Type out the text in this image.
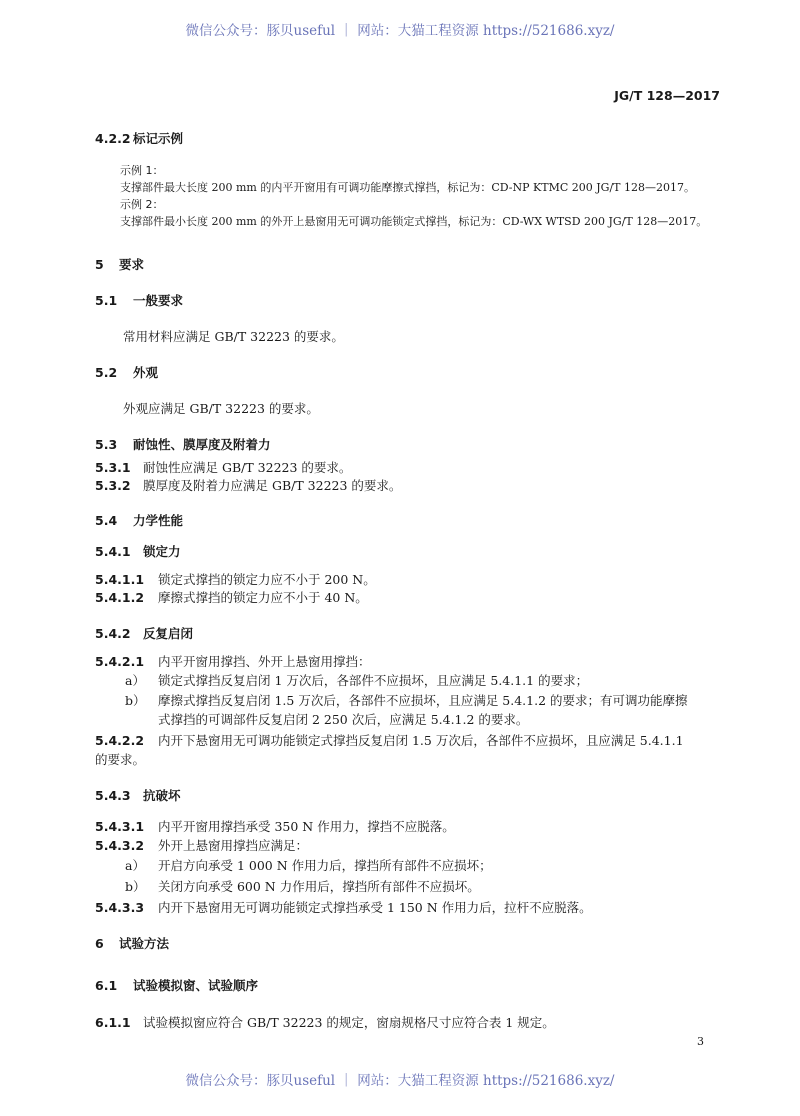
微信公众号：豚贝useful ｜ 网站：大猫工程资源 https://521686.xyz/
JG/T 128—2017
4.2.2 标记示例
示例 1：
支撑部件最大长度 200 mm 的内平开窗用有可调功能摩擦式撑挡，标记为：CD-NP KTMC 200 JG/T 128—2017。
示例 2：
支撑部件最小长度 200 mm 的外开上悬窗用无可调功能锁定式撑挡，标记为：CD-WX WTSD 200 JG/T 128—2017。
5 要求
5.1 一般要求
常用材料应满足 GB/T 32223 的要求。
5.2 外观
外观应满足 GB/T 32223 的要求。
5.3 耐蚀性、膜厚度及附着力
5.3.1 耐蚀性应满足 GB/T 32223 的要求。
5.3.2 膜厚度及附着力应满足 GB/T 32223 的要求。
5.4 力学性能
5.4.1 锁定力
5.4.1.1 锁定式撑挡的锁定力应不小于 200 N。
5.4.1.2 摩擦式撑挡的锁定力应不小于 40 N。
5.4.2 反复启闭
5.4.2.1 内平开窗用撑挡、外开上悬窗用撑挡：
a） 锁定式撑挡反复启闭 1 万次后，各部件不应损坏，且应满足 5.4.1.1 的要求；
b） 摩擦式撑挡反复启闭 1.5 万次后，各部件不应损坏，且应满足 5.4.1.2 的要求；有可调功能摩擦
式撑挡的可调部件反复启闭 2 250 次后，应满足 5.4.1.2 的要求。
5.4.2.2 内开下悬窗用无可调功能锁定式撑挡反复启闭 1.5 万次后，各部件不应损坏，且应满足 5.4.1.1
的要求。
5.4.3 抗破坏
5.4.3.1 内平开窗用撑挡承受 350 N 作用力，撑挡不应脱落。
5.4.3.2 外开上悬窗用撑挡应满足：
a） 开启方向承受 1 000 N 作用力后，撑挡所有部件不应损坏；
b） 关闭方向承受 600 N 力作用后，撑挡所有部件不应损坏。
5.4.3.3 内开下悬窗用无可调功能锁定式撑挡承受 1 150 N 作用力后，拉杆不应脱落。
6 试验方法
6.1 试验模拟窗、试验顺序
6.1.1 试验模拟窗应符合 GB/T 32223 的规定，窗扇规格尺寸应符合表 1 规定。
3
微信公众号：豚贝useful ｜ 网站：大猫工程资源 https://521686.xyz/
